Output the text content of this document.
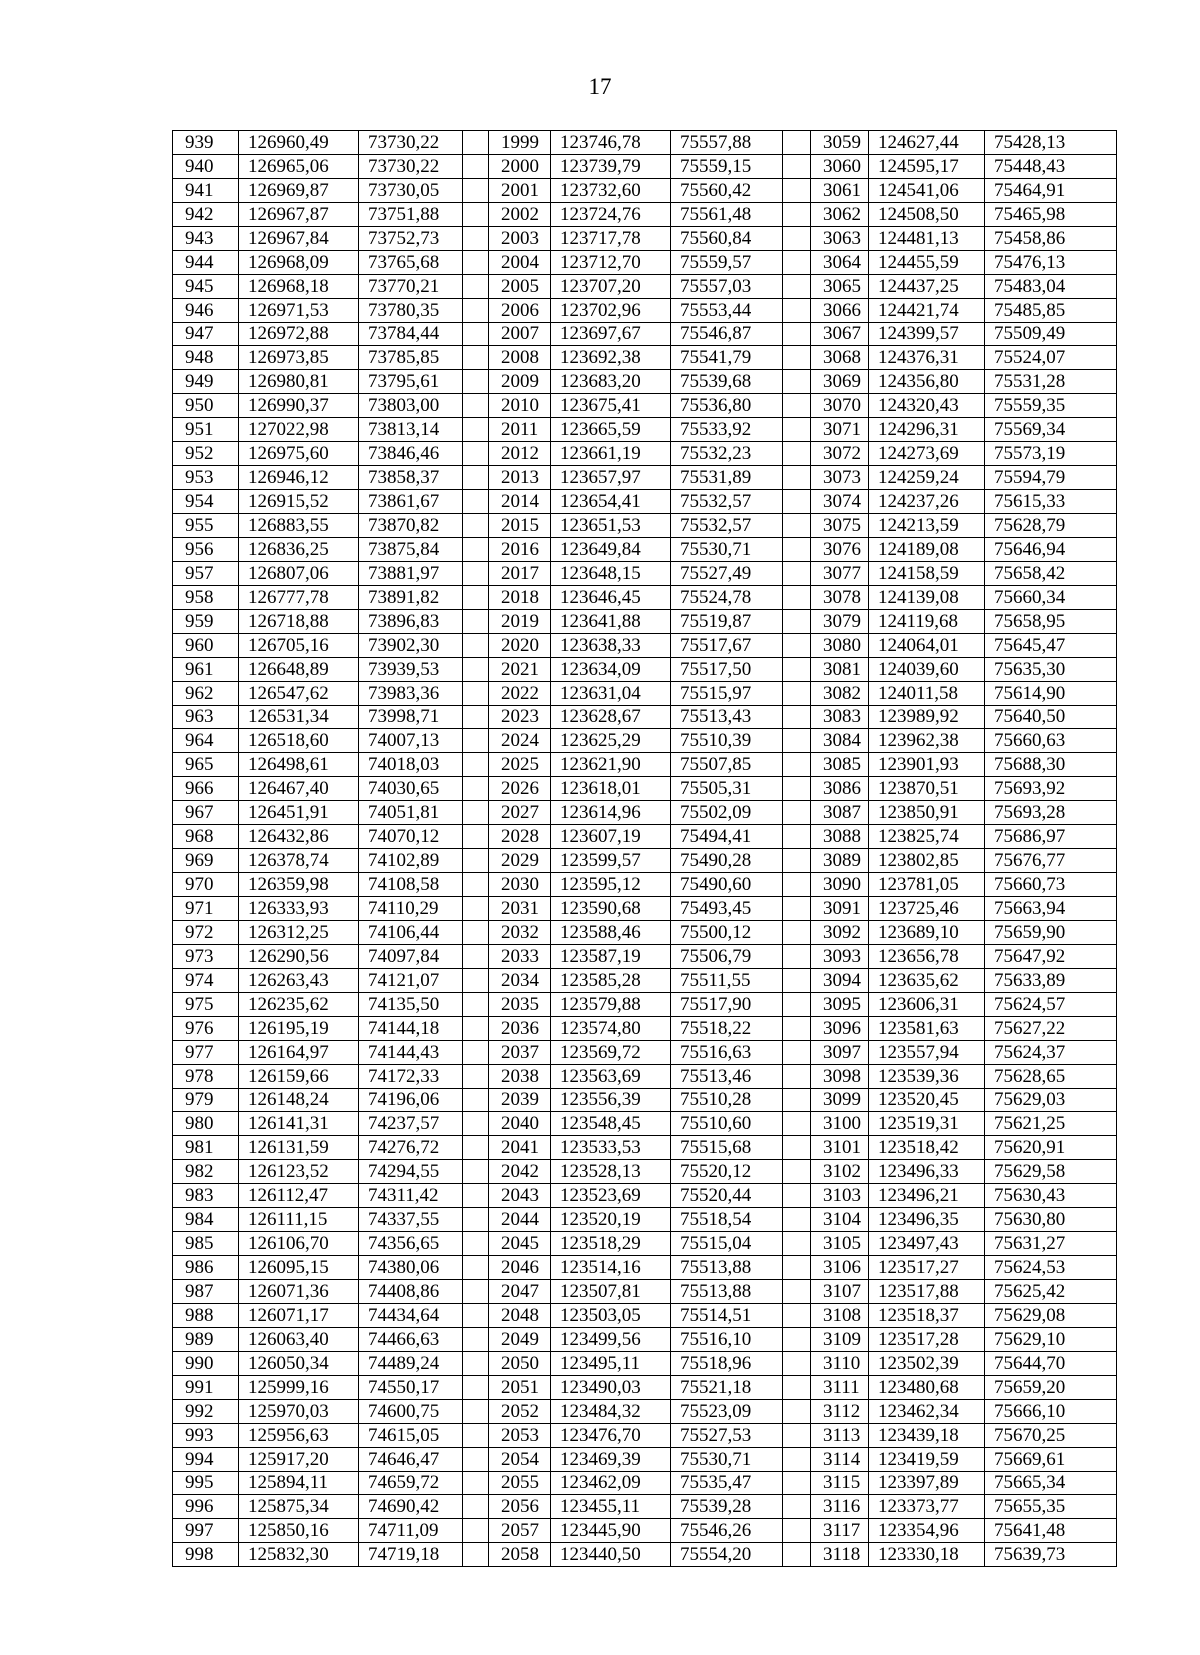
17
939	126960,49	73730,22		1999	123746,78	75557,88		3059	124627,44	75428,13
940	126965,06	73730,22		2000	123739,79	75559,15		3060	124595,17	75448,43
941	126969,87	73730,05		2001	123732,60	75560,42		3061	124541,06	75464,91
942	126967,87	73751,88		2002	123724,76	75561,48		3062	124508,50	75465,98
943	126967,84	73752,73		2003	123717,78	75560,84		3063	124481,13	75458,86
944	126968,09	73765,68		2004	123712,70	75559,57		3064	124455,59	75476,13
945	126968,18	73770,21		2005	123707,20	75557,03		3065	124437,25	75483,04
946	126971,53	73780,35		2006	123702,96	75553,44		3066	124421,74	75485,85
947	126972,88	73784,44		2007	123697,67	75546,87		3067	124399,57	75509,49
948	126973,85	73785,85		2008	123692,38	75541,79		3068	124376,31	75524,07
949	126980,81	73795,61		2009	123683,20	75539,68		3069	124356,80	75531,28
950	126990,37	73803,00		2010	123675,41	75536,80		3070	124320,43	75559,35
951	127022,98	73813,14		2011	123665,59	75533,92		3071	124296,31	75569,34
952	126975,60	73846,46		2012	123661,19	75532,23		3072	124273,69	75573,19
953	126946,12	73858,37		2013	123657,97	75531,89		3073	124259,24	75594,79
954	126915,52	73861,67		2014	123654,41	75532,57		3074	124237,26	75615,33
955	126883,55	73870,82		2015	123651,53	75532,57		3075	124213,59	75628,79
956	126836,25	73875,84		2016	123649,84	75530,71		3076	124189,08	75646,94
957	126807,06	73881,97		2017	123648,15	75527,49		3077	124158,59	75658,42
958	126777,78	73891,82		2018	123646,45	75524,78		3078	124139,08	75660,34
959	126718,88	73896,83		2019	123641,88	75519,87		3079	124119,68	75658,95
960	126705,16	73902,30		2020	123638,33	75517,67		3080	124064,01	75645,47
961	126648,89	73939,53		2021	123634,09	75517,50		3081	124039,60	75635,30
962	126547,62	73983,36		2022	123631,04	75515,97		3082	124011,58	75614,90
963	126531,34	73998,71		2023	123628,67	75513,43		3083	123989,92	75640,50
964	126518,60	74007,13		2024	123625,29	75510,39		3084	123962,38	75660,63
965	126498,61	74018,03		2025	123621,90	75507,85		3085	123901,93	75688,30
966	126467,40	74030,65		2026	123618,01	75505,31		3086	123870,51	75693,92
967	126451,91	74051,81		2027	123614,96	75502,09		3087	123850,91	75693,28
968	126432,86	74070,12		2028	123607,19	75494,41		3088	123825,74	75686,97
969	126378,74	74102,89		2029	123599,57	75490,28		3089	123802,85	75676,77
970	126359,98	74108,58		2030	123595,12	75490,60		3090	123781,05	75660,73
971	126333,93	74110,29		2031	123590,68	75493,45		3091	123725,46	75663,94
972	126312,25	74106,44		2032	123588,46	75500,12		3092	123689,10	75659,90
973	126290,56	74097,84		2033	123587,19	75506,79		3093	123656,78	75647,92
974	126263,43	74121,07		2034	123585,28	75511,55		3094	123635,62	75633,89
975	126235,62	74135,50		2035	123579,88	75517,90		3095	123606,31	75624,57
976	126195,19	74144,18		2036	123574,80	75518,22		3096	123581,63	75627,22
977	126164,97	74144,43		2037	123569,72	75516,63		3097	123557,94	75624,37
978	126159,66	74172,33		2038	123563,69	75513,46		3098	123539,36	75628,65
979	126148,24	74196,06		2039	123556,39	75510,28		3099	123520,45	75629,03
980	126141,31	74237,57		2040	123548,45	75510,60		3100	123519,31	75621,25
981	126131,59	74276,72		2041	123533,53	75515,68		3101	123518,42	75620,91
982	126123,52	74294,55		2042	123528,13	75520,12		3102	123496,33	75629,58
983	126112,47	74311,42		2043	123523,69	75520,44		3103	123496,21	75630,43
984	126111,15	74337,55		2044	123520,19	75518,54		3104	123496,35	75630,80
985	126106,70	74356,65		2045	123518,29	75515,04		3105	123497,43	75631,27
986	126095,15	74380,06		2046	123514,16	75513,88		3106	123517,27	75624,53
987	126071,36	74408,86		2047	123507,81	75513,88		3107	123517,88	75625,42
988	126071,17	74434,64		2048	123503,05	75514,51		3108	123518,37	75629,08
989	126063,40	74466,63		2049	123499,56	75516,10		3109	123517,28	75629,10
990	126050,34	74489,24		2050	123495,11	75518,96		3110	123502,39	75644,70
991	125999,16	74550,17		2051	123490,03	75521,18		3111	123480,68	75659,20
992	125970,03	74600,75		2052	123484,32	75523,09		3112	123462,34	75666,10
993	125956,63	74615,05		2053	123476,70	75527,53		3113	123439,18	75670,25
994	125917,20	74646,47		2054	123469,39	75530,71		3114	123419,59	75669,61
995	125894,11	74659,72		2055	123462,09	75535,47		3115	123397,89	75665,34
996	125875,34	74690,42		2056	123455,11	75539,28		3116	123373,77	75655,35
997	125850,16	74711,09		2057	123445,90	75546,26		3117	123354,96	75641,48
998	125832,30	74719,18		2058	123440,50	75554,20		3118	123330,18	75639,73
